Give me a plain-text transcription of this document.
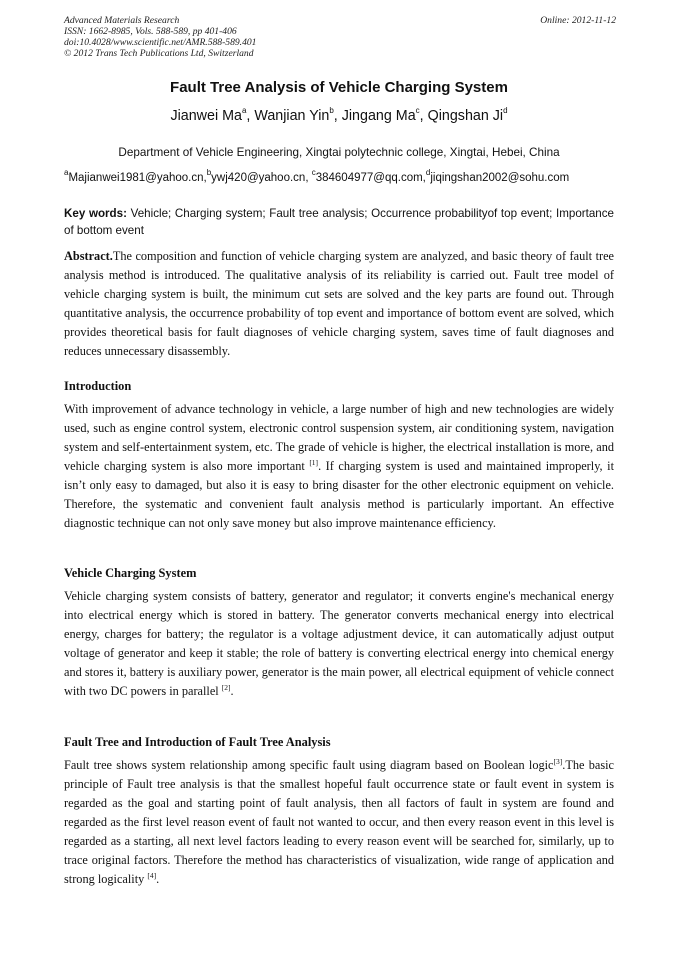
Advanced Materials Research
ISSN: 1662-8985, Vols. 588-589, pp 401-406
doi:10.4028/www.scientific.net/AMR.588-589.401
© 2012 Trans Tech Publications Ltd, Switzerland
Online: 2012-11-12
Fault Tree Analysis of Vehicle Charging System
Jianwei Ma$^a$, Wanjian Yin$^b$, Jingang Ma$^c$, Qingshan Ji$^d$
Department of Vehicle Engineering, Xingtai polytechnic college, Xingtai, Hebei, China
$^a$Majianwei1981@yahoo.cn,$^b$ywj420@yahoo.cn, $^c$384604977@qq.com,$^d$jiqingshan2002@sohu.com
Key words: Vehicle; Charging system; Fault tree analysis; Occurrence probabilityof top event; Importance of bottom event
Abstract.The composition and function of vehicle charging system are analyzed, and basic theory of fault tree analysis method is introduced. The qualitative analysis of its reliability is carried out. Fault tree model of vehicle charging system is built, the minimum cut sets are solved and the key parts are found out. Through quantitative analysis, the occurrence probability of top event and importance of bottom event are solved, which provides theoretical basis for fault diagnoses of vehicle charging system, saves time of fault diagnoses and reduces unnecessary disassembly.
Introduction
With improvement of advance technology in vehicle, a large number of high and new technologies are widely used, such as engine control system, electronic control suspension system, air conditioning system, navigation system and self-entertainment system, etc. The grade of vehicle is higher, the electrical installation is more, and vehicle charging system is also more important [1]. If charging system is used and maintained improperly, it isn’t only easy to damaged, but also it is easy to bring disaster for the other electronic equipment on vehicle. Therefore, the systematic and convenient fault analysis method is particularly important. An effective diagnostic technique can not only save money but also improve maintenance efficiency.
Vehicle Charging System
Vehicle charging system consists of battery, generator and regulator; it converts engine's mechanical energy into electrical energy which is stored in battery. The generator converts mechanical energy into electrical energy, charges for battery; the regulator is a voltage adjustment device, it can automatically adjust output voltage of generator and keep it stable; the role of battery is converting electrical energy into chemical energy and stores it, battery is auxiliary power, generator is the main power, all electrical equipment of vehicle connect with two DC powers in parallel [2].
Fault Tree and Introduction of Fault Tree Analysis
Fault tree shows system relationship among specific fault using diagram based on Boolean logic[3].The basic principle of Fault tree analysis is that the smallest hopeful fault occurrence state or fault event in system is regarded as the goal and starting point of fault analysis, then all factors of fault in system are found and regarded as the first level reason event of fault not wanted to occur, and then every reason event in this level is regarded as a starting, all next level factors leading to every reason event will be searched for, similarly, up to trace original factors. Therefore the method has characteristics of visualization, wide range of application and strong logicality [4].
